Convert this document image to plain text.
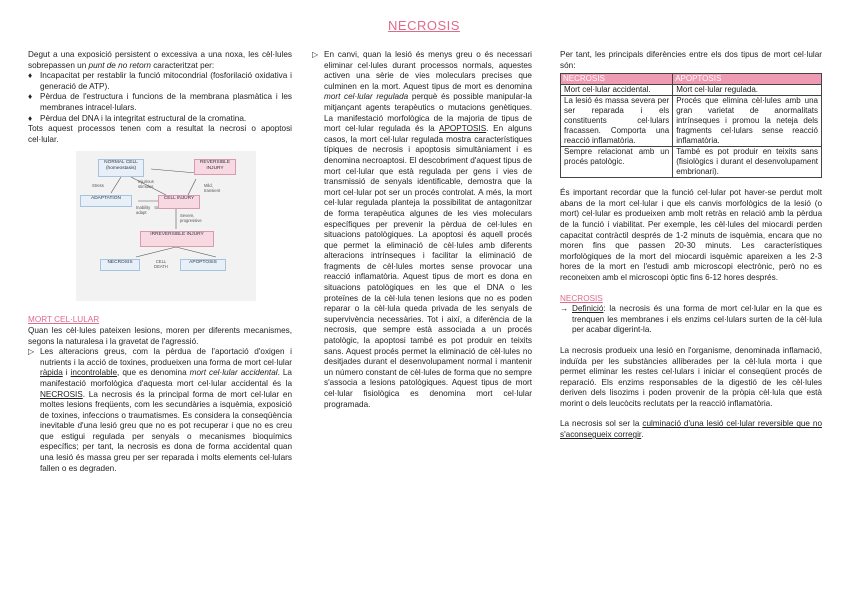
NECROSIS

Degut a una exposició persistent o excessiva a una noxa, les cèl·lules sobrepassen un punt de no retorn caracteritzat per:

♦ Incapacitat per restablir la funció mitocondrial (fosforilació oxidativa i generació de ATP).
♦ Pèrdua de l'estructura i funcions de la membrana plasmàtica i les membranes intracel·lulars.
♦ Pèrdua del DNA i la integritat estructural de la cromatina.

Tots aquest processos tenen com a resultat la necrosi o apoptosi cel·lular.

NORMAL CELL (homeostasis)
REVERSIBLE INJURY
Stress
Injurious stimulus	Mild, transient
ADAPTATION
Inability to adapt
CELL INJURY
Severe, progressive
IRREVERSIBLE INJURY
NECROSIS	CELL DEATH
APOPTOSIS
MORT CEL·LULAR

Quan les cèl·lules pateixen lesions, moren per diferents mecanismes, segons la naturalesa i la gravetat de l'agressió.

▷ Les alteracions greus, com la pèrdua de l'aportació d'oxigen i nutrients i la acció de toxines, produeixen una forma de mort cel·lular ràpida i incontrolable, que es denomina mort cel·lular accidental. La manifestació morfològica d'aquesta mort cel·lular accidental és la NECROSIS. La necrosis és la principal forma de mort cel·lular en moltes lesions freqüents, com les secundàries a isquèmia, exposició de toxines, infeccions o traumatismes. Es considera la conseqüència inevitable d'una lesió greu que no es pot recuperar i que no es creu que estigui regulada per senyals o mecanismes bioquímics específics; per tant, la necrosis es dona de forma accidental quan una lesió és massa greu per ser reparada i molts elements cel·lulars fallen o es degraden.
▷ En canvi, quan la lesió és menys greu o és necessari eliminar cel·lules durant processos normals, aquestes activen una sèrie de vies moleculars precises que culminen en la mort. Aquest tipus de mort es denomina mort cel·lular regulada perquè és possible manipular-la mitjançant agents terapèutics o mutacions genètiques. La manifestació morfològica de la majoria de tipus de mort cel·lular regulada és la APOPTOSIS. En alguns casos, la mort cel·lular regulada mostra característiques típiques de necrosis i apoptosis simultàniament i es denomina necroaptosi. El descobriment d'aquest tipus de mort cel·lular que està regulada per gens i vies de transmissió de senyals identificable, demostra que la mort cel·lular pot ser un procés controlat. A més, la mort cel·lular regulada planteja la possibilitat de antagonitzar de forma terapèutica algunes de les vies moleculars específiques per prevenir la pèrdua de cel·lules en situacions patològiques. La apoptosi és aquell procés que permet la eliminació de cèl·lules amb diferents alteracions intrínseques i facilitar la eliminació de fragments de cèl·lules mortes sense provocar una reacció inflamatòria. Aquest tipus de mort es dona en situacions patològiques en les que el DNA o les proteïnes de la cèl·lula tenen lesions que no es poden reparar o la cèl·lula queda privada de les senyals de supervivència necessàries. Tot i així, a diferència de la necrosis, que sempre està associada a un procés patològic, la apoptosi també es pot produir en teixits sans. Aquest procés permet la eliminació de cèl·lules no desitjades durant el desenvolupament normal i mantenir un número constant de cèl·lules de forma que no sempre s'associa a lesions patològiques. Aquest tipus de mort cel·lular fisiològica es denomina mort cel·lular programada.

Per tant, les principals diferències entre els dos tipus de mort cel·lular són:

NECROSIS	APOPTOSIS
Mort cel·lular accidental.	Mort cel·lular regulada.
La lesió és massa severa per ser reparada i els constituents cel·lulars fracassen. Comporta una reacció inflamatòria.	Procés que elimina cèl·lules amb una gran varietat de anormalitats intrínseques i promou la neteja dels fragments cel·lulars sense reacció inflamatòria.
Sempre relacionat amb un procés patològic.	També es pot produir en teixits sans (fisiològics i durant el desenvolupament embrionari).

És important recordar que la funció cel·lular pot haver-se perdut molt abans de la mort cel·lular i que els canvis morfològics de la lesió (o mort) cel·lular es produeixen amb molt retràs en relació amb la pèrdua de la funció i viabilitat. Per exemple, les cèl·lules del miocardi perden capacitat contràctil després de 1-2 minuts de isquèmia, encara que no moren fins que passen 20-30 minuts. Les característiques morfològiques de la mort del miocardi isquèmic apareixen a les 2-3 hores de la mort en l'estudi amb microscopi electrònic, però no es reconeixen amb el microscopi òptic fins 6-12 hores després.

NECROSIS
→ Definició: la necrosis és una forma de mort cel·lular en la que es trenquen les membranes i els enzims cel·lulars surten de la cèl·lula per acabar digerint-la.

La necrosis produeix una lesió en l'organisme, denominada inflamació, induïda per les substàncies alliberades per la cèl·lula morta i que permet eliminar les restes cel·lulars i iniciar el conseqüent procés de reparació. Els enzims responsables de la digestió de les cèl·lules deriven dels lisozims i poden provenir de la pròpia cèl·lula que està morint o dels leucòcits reclutats per la reacció inflamatòria.

La necrosis sol ser la culminació d'una lesió cel·lular reversible que no s'aconsegueix corregir.
